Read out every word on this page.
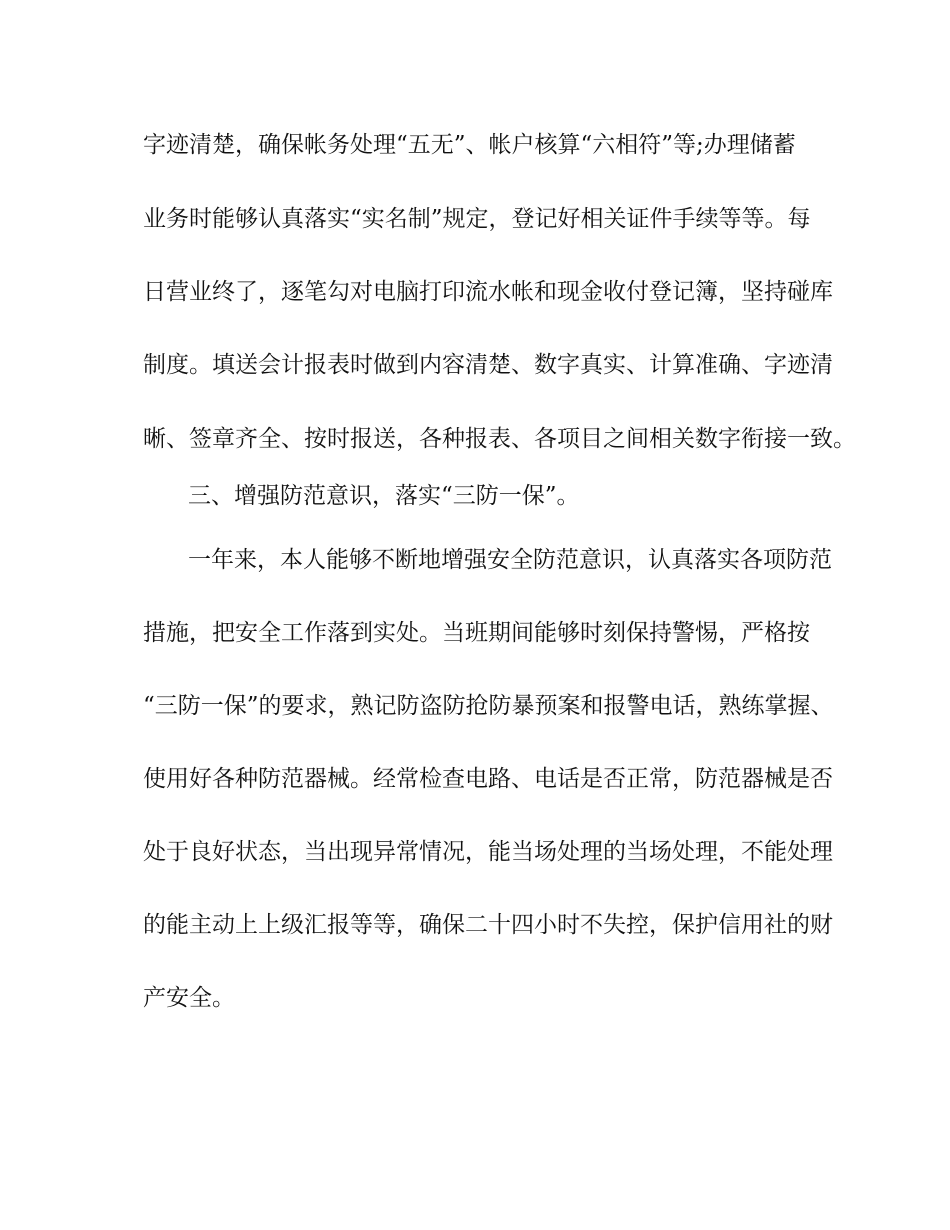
字迹清楚，确保帐务处理“五无”、帐户核算“六相符”等;办理储蓄
业务时能够认真落实“实名制”规定，登记好相关证件手续等等。每
日营业终了，逐笔勾对电脑打印流水帐和现金收付登记簿，坚持碰库
制度。填送会计报表时做到内容清楚、数字真实、计算准确、字迹清
晰、签章齐全、按时报送，各种报表、各项目之间相关数字衔接一致。
三、增强防范意识，落实“三防一保”。
一年来，本人能够不断地增强安全防范意识，认真落实各项防范
措施，把安全工作落到实处。当班期间能够时刻保持警惕，严格按
“三防一保”的要求，熟记防盗防抢防暴预案和报警电话，熟练掌握、
使用好各种防范器械。经常检查电路、电话是否正常，防范器械是否
处于良好状态，当出现异常情况，能当场处理的当场处理，不能处理
的能主动上上级汇报等等，确保二十四小时不失控，保护信用社的财
产安全。
